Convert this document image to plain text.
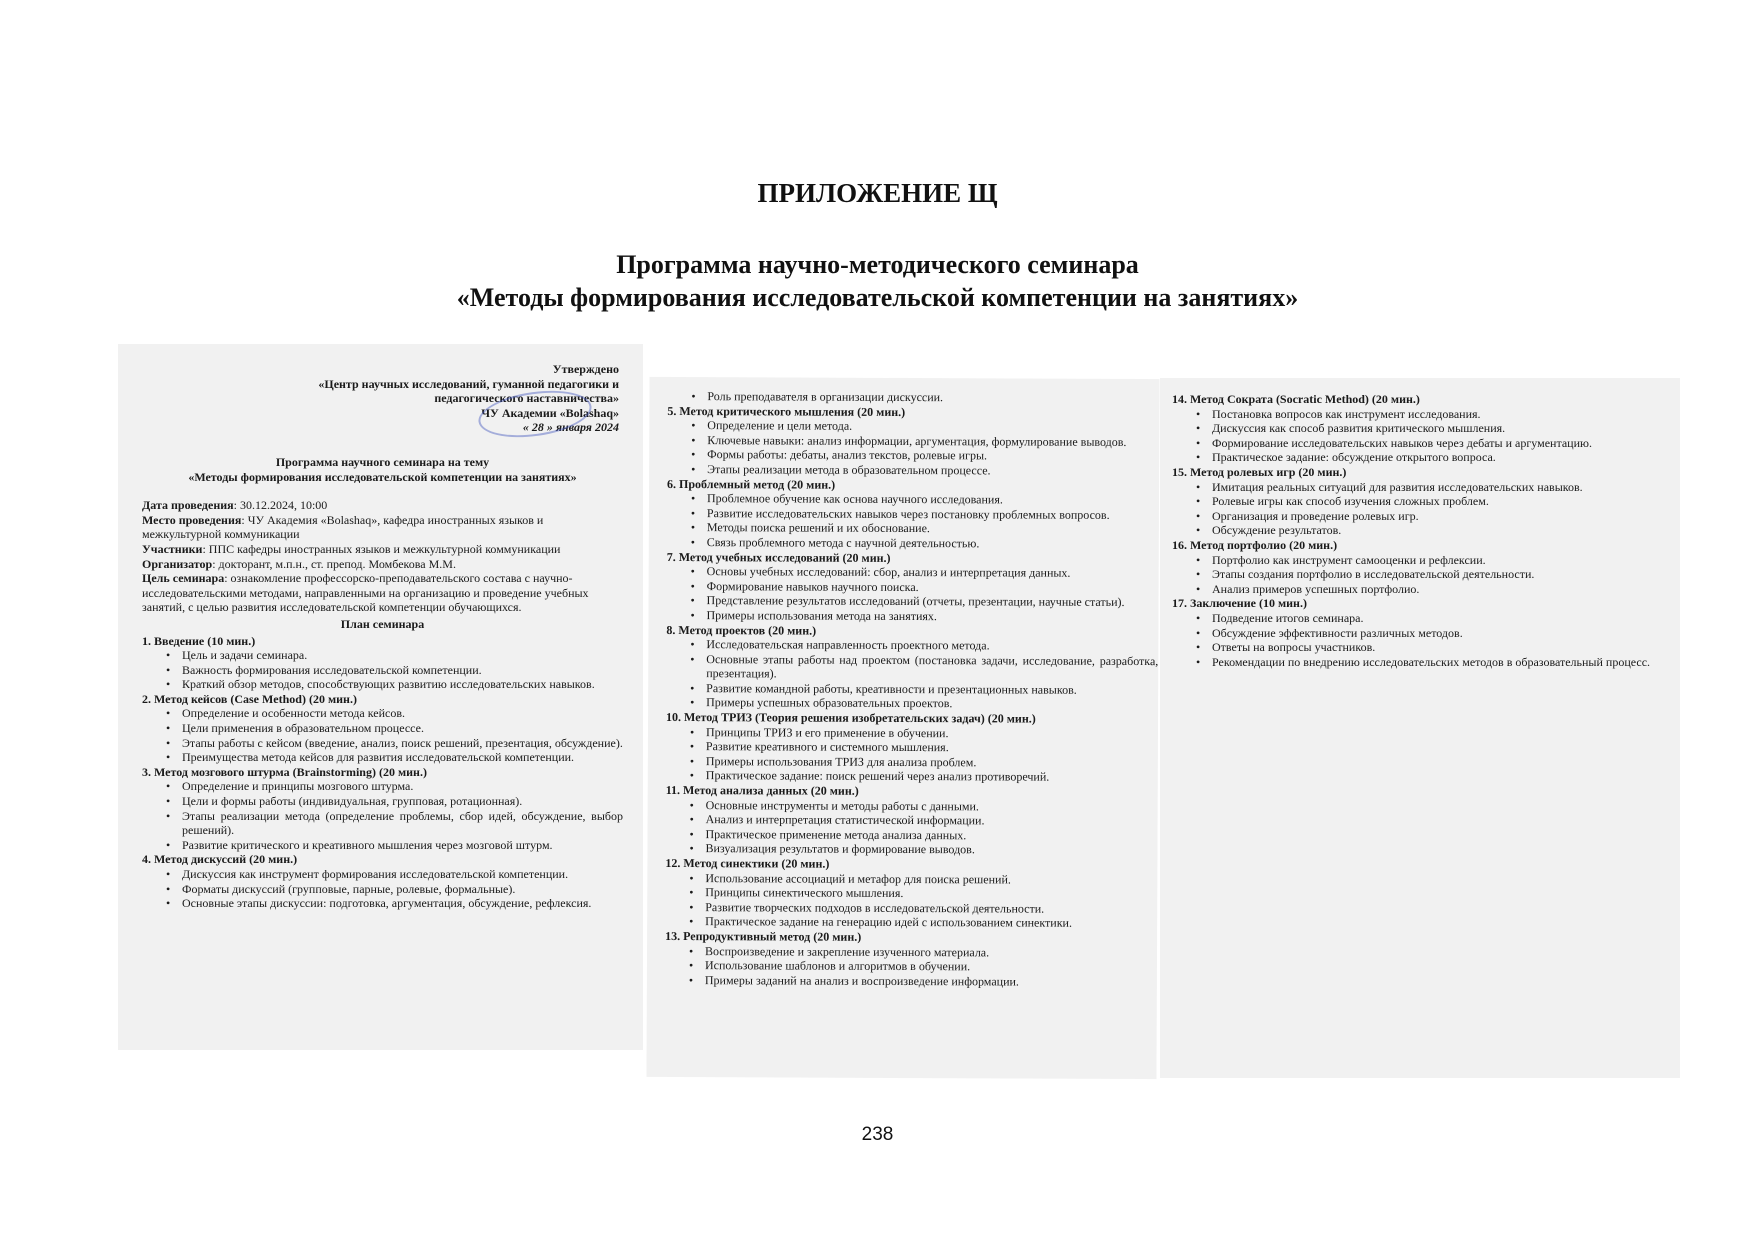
ПРИЛОЖЕНИЕ Щ
Программа научно-методического семинара
«Методы формирования исследовательской компетенции на занятиях»
Утверждено
«Центр научных исследований, гуманной педагогики и
педагогического наставничества»
ЧУ Академии «Bolashaq»
« 28 » января 2024
Программа научного семинара на тему
«Методы формирования исследовательской компетенции на занятиях»

Дата проведения: 30.12.2024, 10:00

Место проведения: ЧУ Академия «Bolashaq», кафедра иностранных языков и межкультурной коммуникации

Участники: ППС кафедры иностранных языков и межкультурной коммуникации

Организатор: докторант, м.п.н., ст. препод. Момбекова М.М.

Цель семинара: ознакомление профессорско-преподавательского состава с научно-исследовательскими методами, направленными на организацию и проведение учебных занятий, с целью развития исследовательской компетенции обучающихся.

План семинара
1. Введение (10 мин.)
• Цель и задачи семинара.
• Важность формирования исследовательской компетенции.
• Краткий обзор методов, способствующих развитию исследовательских навыков.
2. Метод кейсов (Case Method) (20 мин.)
• Определение и особенности метода кейсов.
• Цели применения в образовательном процессе.
• Этапы работы с кейсом (введение, анализ, поиск решений, презентация, обсуждение).
• Преимущества метода кейсов для развития исследовательской компетенции.
3. Метод мозгового штурма (Brainstorming) (20 мин.)
• Определение и принципы мозгового штурма.
• Цели и формы работы (индивидуальная, групповая, ротационная).
• Этапы реализации метода (определение проблемы, сбор идей, обсуждение, выбор решений).
• Развитие критического и креативного мышления через мозговой штурм.
4. Метод дискуссий (20 мин.)
• Дискуссия как инструмент формирования исследовательской компетенции.
• Форматы дискуссий (групповые, парные, ролевые, формальные).
• Основные этапы дискуссии: подготовка, аргументация, обсуждение, рефлексия.
• Роль преподавателя в организации дискуссии.
5. Метод критического мышления (20 мин.)
• Определение и цели метода.
• Ключевые навыки: анализ информации, аргументация, формулирование выводов.
• Формы работы: дебаты, анализ текстов, ролевые игры.
• Этапы реализации метода в образовательном процессе.
6. Проблемный метод (20 мин.)
• Проблемное обучение как основа научного исследования.
• Развитие исследовательских навыков через постановку проблемных вопросов.
• Методы поиска решений и их обоснование.
• Связь проблемного метода с научной деятельностью.
7. Метод учебных исследований (20 мин.)
• Основы учебных исследований: сбор, анализ и интерпретация данных.
• Формирование навыков научного поиска.
• Представление результатов исследований (отчеты, презентации, научные статьи).
• Примеры использования метода на занятиях.
8. Метод проектов (20 мин.)
• Исследовательская направленность проектного метода.
• Основные этапы работы над проектом (постановка задачи, исследование, разработка, презентация).
• Развитие командной работы, креативности и презентационных навыков.
• Примеры успешных образовательных проектов.
10. Метод ТРИЗ (Теория решения изобретательских задач) (20 мин.)
• Принципы ТРИЗ и его применение в обучении.
• Развитие креативного и системного мышления.
• Примеры использования ТРИЗ для анализа проблем.
• Практическое задание: поиск решений через анализ противоречий.
11. Метод анализа данных (20 мин.)
• Основные инструменты и методы работы с данными.
• Анализ и интерпретация статистической информации.
• Практическое применение метода анализа данных.
• Визуализация результатов и формирование выводов.
12. Метод синектики (20 мин.)
• Использование ассоциаций и метафор для поиска решений.
• Принципы синектического мышления.
• Развитие творческих подходов в исследовательской деятельности.
• Практическое задание на генерацию идей с использованием синектики.
13. Репродуктивный метод (20 мин.)
• Воспроизведение и закрепление изученного материала.
• Использование шаблонов и алгоритмов в обучении.
• Примеры заданий на анализ и воспроизведение информации.
14. Метод Сократа (Socratic Method) (20 мин.)
• Постановка вопросов как инструмент исследования.
• Дискуссия как способ развития критического мышления.
• Формирование исследовательских навыков через дебаты и аргументацию.
• Практическое задание: обсуждение открытого вопроса.
15. Метод ролевых игр (20 мин.)
• Имитация реальных ситуаций для развития исследовательских навыков.
• Ролевые игры как способ изучения сложных проблем.
• Организация и проведение ролевых игр.
• Обсуждение результатов.
16. Метод портфолио (20 мин.)
• Портфолио как инструмент самооценки и рефлексии.
• Этапы создания портфолио в исследовательской деятельности.
• Анализ примеров успешных портфолио.
17. Заключение (10 мин.)
• Подведение итогов семинара.
• Обсуждение эффективности различных методов.
• Ответы на вопросы участников.
• Рекомендации по внедрению исследовательских методов в образовательный процесс.
238
